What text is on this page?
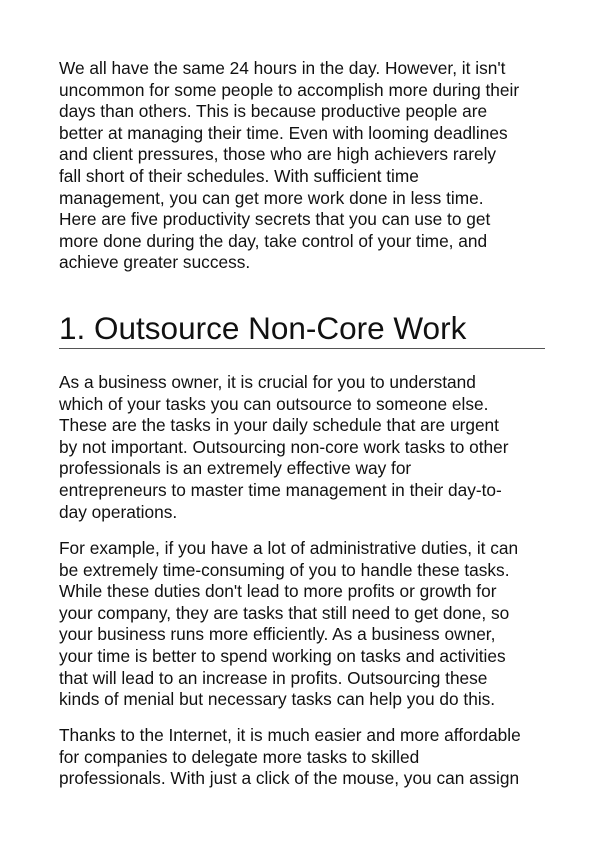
We all have the same 24 hours in the day. However, it isn't
uncommon for some people to accomplish more during their
days than others. This is because productive people are
better at managing their time. Even with looming deadlines
and client pressures, those who are high achievers rarely
fall short of their schedules. With sufficient time
management, you can get more work done in less time.
Here are five productivity secrets that you can use to get
more done during the day, take control of your time, and
achieve greater success.

1. Outsource Non-Core Work

As a business owner, it is crucial for you to understand
which of your tasks you can outsource to someone else.
These are the tasks in your daily schedule that are urgent
by not important. Outsourcing non-core work tasks to other
professionals is an extremely effective way for
entrepreneurs to master time management in their day-to-
day operations.

For example, if you have a lot of administrative duties, it can
be extremely time-consuming of you to handle these tasks.
While these duties don't lead to more profits or growth for
your company, they are tasks that still need to get done, so
your business runs more efficiently. As a business owner,
your time is better to spend working on tasks and activities
that will lead to an increase in profits. Outsourcing these
kinds of menial but necessary tasks can help you do this.

Thanks to the Internet, it is much easier and more affordable
for companies to delegate more tasks to skilled
professionals. With just a click of the mouse, you can assign
